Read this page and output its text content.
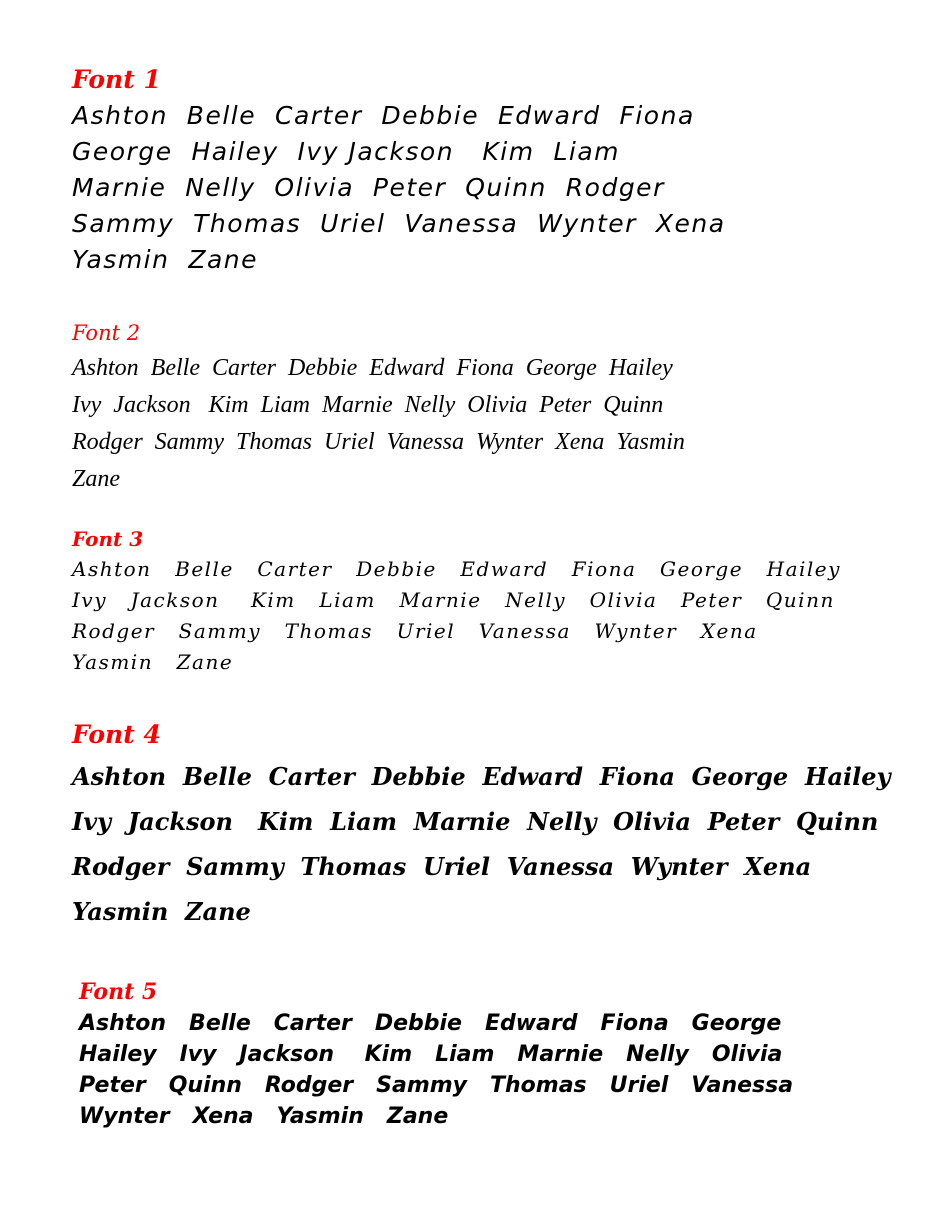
Font 1
Ashton  Belle  Carter  Debbie  Edward  Fiona
George  Hailey  Ivy Jackson   Kim  Liam
Marnie  Nelly  Olivia  Peter  Quinn  Rodger
Sammy  Thomas  Uriel  Vanessa  Wynter  Xena
Yasmin  Zane
Font 2
Ashton  Belle  Carter  Debbie  Edward  Fiona  George  Hailey
Ivy  Jackson   Kim  Liam  Marnie  Nelly  Olivia  Peter  Quinn
Rodger  Sammy  Thomas  Uriel  Vanessa  Wynter  Xena  Yasmin
Zane
Font 3
Ashton   Belle   Carter   Debbie   Edward   Fiona   George   Hailey
Ivy   Jackson    Kim   Liam   Marnie   Nelly   Olivia   Peter   Quinn
Rodger   Sammy   Thomas   Uriel   Vanessa   Wynter   Xena
Yasmin   Zane
Font 4
Ashton  Belle  Carter  Debbie  Edward  Fiona  George  Hailey
Ivy  Jackson   Kim  Liam  Marnie  Nelly  Olivia  Peter  Quinn
Rodger  Sammy  Thomas  Uriel  Vanessa  Wynter  Xena
Yasmin  Zane
Font 5
Ashton   Belle   Carter   Debbie   Edward   Fiona   George
Hailey   Ivy   Jackson    Kim   Liam   Marnie   Nelly   Olivia
Peter   Quinn   Rodger   Sammy   Thomas   Uriel   Vanessa
Wynter   Xena   Yasmin   Zane
